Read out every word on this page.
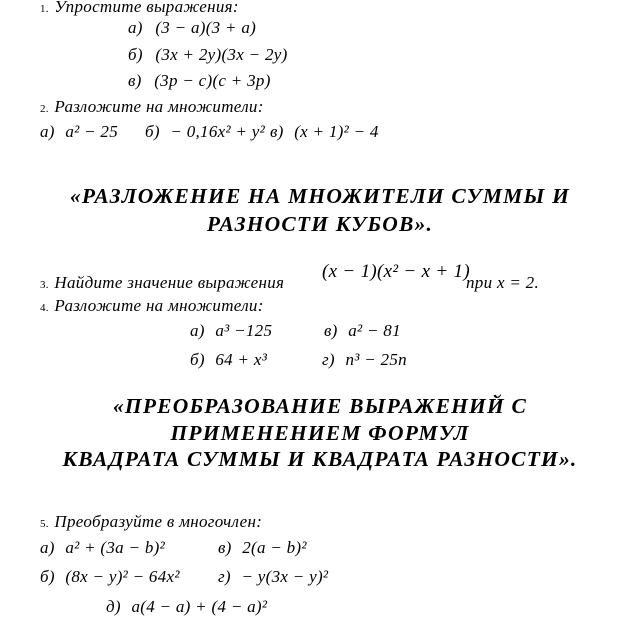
1. Упростите выражения:
а) (3 − a)(3 + a)
б) (3x + 2y)(3x − 2y)
в) (3p − c)(c + 3p)
2. Разложите на множители:
а) a² − 25 б) − 0,16x² + y² в) (x + 1)² − 4
«РАЗЛОЖЕНИЕ НА МНОЖИТЕЛИ СУММЫ И
РАЗНОСТИ КУБОВ».
3. Найдите значение выражения
(x − 1)(x² − x + 1)
при x = 2.
4. Разложите на множители:
а) a³ −125	в) a² − 81
б) 64 + x³	г) n³ − 25n
«ПРЕОБРАЗОВАНИЕ ВЫРАЖЕНИЙ С
ПРИМЕНЕНИЕМ ФОРМУЛ
КВАДРАТА СУММЫ И КВАДРАТА РАЗНОСТИ».
5. Преобразуйте в многочлен:
а) a² + (3a − b)²	в) 2(a − b)²
б) (8x − y)² − 64x² г) − y(3x − y)²
д) a(4 − a) + (4 − a)²
